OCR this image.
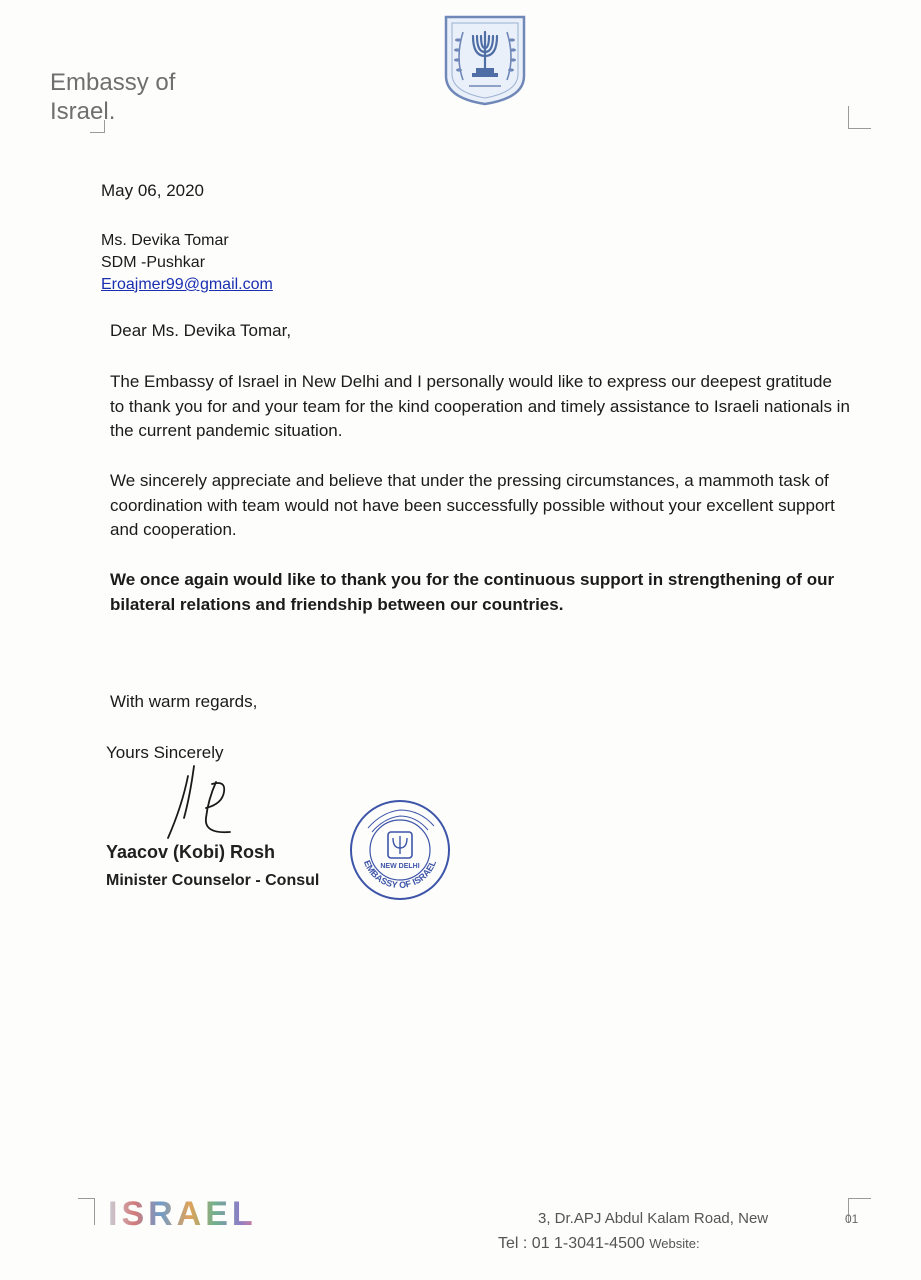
Embassy of
Israel.
May 06, 2020
Ms. Devika Tomar
SDM -Pushkar
Eroajmer99@gmail.com
Dear Ms. Devika Tomar,
The Embassy of Israel in New Delhi and I personally would like to express our deepest gratitude to thank you for and your team for the kind cooperation and timely assistance to Israeli nationals in the current pandemic situation.
We sincerely appreciate and believe that under the pressing circumstances, a mammoth task of coordination with team would not have been successfully possible without your excellent support and cooperation.
We once again would like to thank you for the continuous support in strengthening of our bilateral relations and friendship between our countries.
With warm regards,
Yours Sincerely
Yaacov (Kobi) Rosh
Minister Counselor - Consul
EMBASSY OF ISRAEL
NEW DELHI
ISRAEL	3, Dr.APJ Abdul Kalam Road, New
Tel : 01 1-3041-4500 Website:
01
